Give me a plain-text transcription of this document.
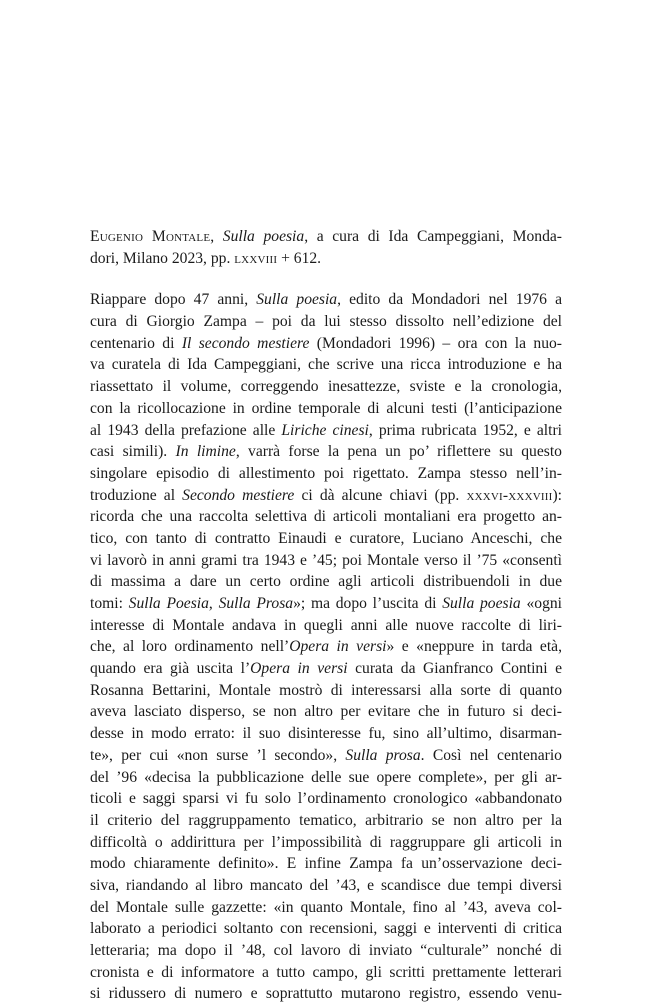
Eugenio Montale, Sulla poesia, a cura di Ida Campeggiani, Monda-
dori, Milano 2023, pp. lxxviii + 612.
Riappare dopo 47 anni, Sulla poesia, edito da Mondadori nel 1976 a
cura di Giorgio Zampa – poi da lui stesso dissolto nell’edizione del
centenario di Il secondo mestiere (Mondadori 1996) – ora con la nuo-
va curatela di Ida Campeggiani, che scrive una ricca introduzione e ha
riassettato il volume, correggendo inesattezze, sviste e la cronologia,
con la ricollocazione in ordine temporale di alcuni testi (l’anticipazione
al 1943 della prefazione alle Liriche cinesi, prima rubricata 1952, e altri
casi simili). In limine, varrà forse la pena un po’ riflettere su questo
singolare episodio di allestimento poi rigettato. Zampa stesso nell’in-
troduzione al Secondo mestiere ci dà alcune chiavi (pp. xxxvi-xxxviii):
ricorda che una raccolta selettiva di articoli montaliani era progetto an-
tico, con tanto di contratto Einaudi e curatore, Luciano Anceschi, che
vi lavorò in anni grami tra 1943 e ’45; poi Montale verso il ’75 «consentì
di massima a dare un certo ordine agli articoli distribuendoli in due
tomi: Sulla Poesia, Sulla Prosa»; ma dopo l’uscita di Sulla poesia «ogni
interesse di Montale andava in quegli anni alle nuove raccolte di liri-
che, al loro ordinamento nell’Opera in versi» e «neppure in tarda età,
quando era già uscita l’Opera in versi curata da Gianfranco Contini e
Rosanna Bettarini, Montale mostrò di interessarsi alla sorte di quanto
aveva lasciato disperso, se non altro per evitare che in futuro si deci-
desse in modo errato: il suo disinteresse fu, sino all’ultimo, disarman-
te», per cui «non surse ’l secondo», Sulla prosa. Così nel centenario
del ’96 «decisa la pubblicazione delle sue opere complete», per gli ar-
ticoli e saggi sparsi vi fu solo l’ordinamento cronologico «abbandonato
il criterio del raggruppamento tematico, arbitrario se non altro per la
difficoltà o addirittura per l’impossibilità di raggruppare gli articoli in
modo chiaramente definito». E infine Zampa fa un’osservazione deci-
siva, riandando al libro mancato del ’43, e scandisce due tempi diversi
del Montale sulle gazzette: «in quanto Montale, fino al ’43, aveva col-
laborato a periodici soltanto con recensioni, saggi e interventi di critica
letteraria; ma dopo il ’48, col lavoro di inviato “culturale” nonché di
cronista e di informatore a tutto campo, gli scritti prettamente letterari
si ridussero di numero e soprattutto mutarono registro, essendo venu-
